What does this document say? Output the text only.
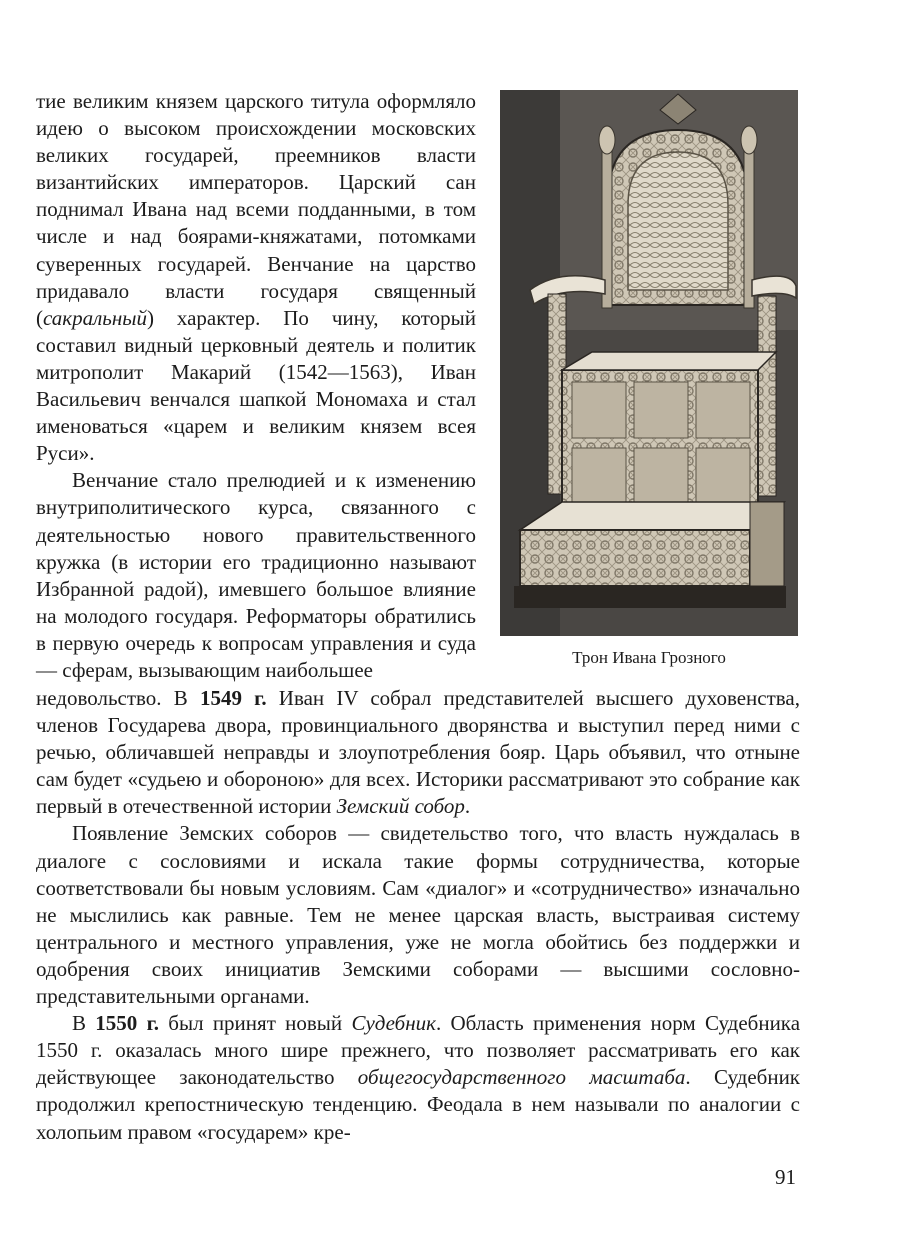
тие великим князем царского титула оформляло идею о высоком происхождении московских великих государей, преемников власти византийских императоров. Царский сан поднимал Ивана над всеми подданными, в том числе и над боярами-княжатами, потомками суверенных государей. Венчание на царство придавало власти государя священный (сакральный) характер. По чину, который составил видный церковный деятель и политик митрополит Макарий (1542—1563), Иван Васильевич венчался шапкой Мономаха и стал именоваться «царем и великим князем всея Руси».

Венчание стало прелюдией и к изменению внутриполитического курса, связанного с деятельностью нового правительственного кружка (в истории его традиционно называют Избранной радой), имевшего большое влияние на молодого государя. Реформаторы обратились в первую очередь к вопросам управления и суда — сферам, вызывающим наибольшее

Трон Ивана Грозного

недовольство. В 1549 г. Иван IV собрал представителей высшего духовенства, членов Государева двора, провинциального дворянства и выступил перед ними с речью, обличавшей неправды и злоупотребления бояр. Царь объявил, что отныне сам будет «судьею и обороною» для всех. Историки рассматривают это собрание как первый в отечественной истории Земский собор.

Появление Земских соборов — свидетельство того, что власть нуждалась в диалоге с сословиями и искала такие формы сотрудничества, которые соответствовали бы новым условиям. Сам «диалог» и «сотрудничество» изначально не мыслились как равные. Тем не менее царская власть, выстраивая систему центрального и местного управления, уже не могла обойтись без поддержки и одобрения своих инициатив Земскими соборами — высшими сословно-представительными органами.

В 1550 г. был принят новый Судебник. Область применения норм Судебника 1550 г. оказалась много шире прежнего, что позволяет рассматривать его как действующее законодательство общегосударственного масштаба. Судебник продолжил крепостническую тенденцию. Феодала в нем называли по аналогии с холопьим правом «государем» кре-

91
